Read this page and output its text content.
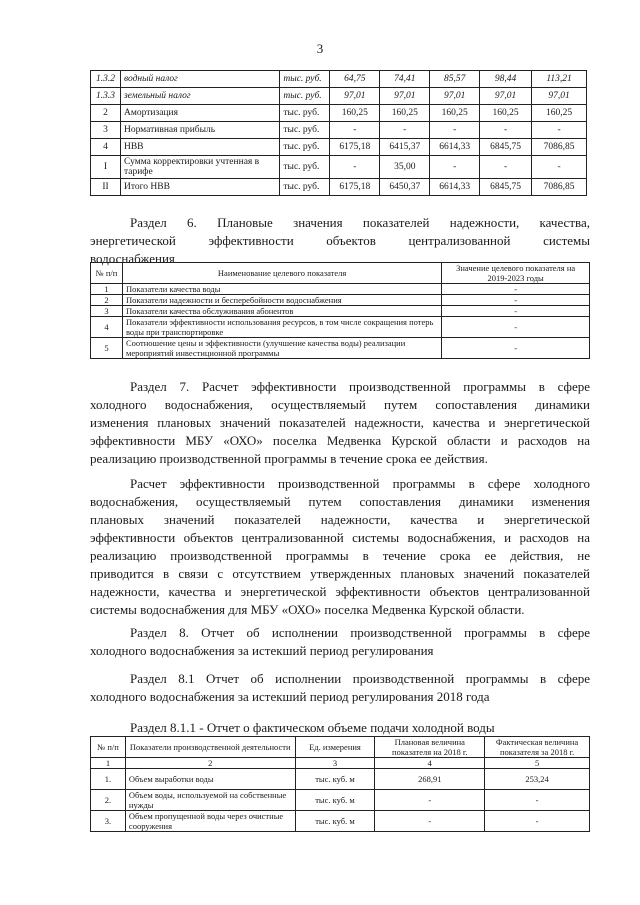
3
1.3.2	водный налог	тыс. руб.	64,75	74,41	85,57	98,44	113,21
1.3.3	земельный налог	тыс. руб.	97,01	97,01	97,01	97,01	97,01
2	Амортизация	тыс. руб.	160,25	160,25	160,25	160,25	160,25
3	Нормативная прибыль	тыс. руб.	-	-	-	-	-
4	НВВ	тыс. руб.	6175,18	6415,37	6614,33	6845,75	7086,85
I	Сумма корректировки учтенная в тарифе	тыс. руб.	-	35,00	-	-	-
II	Итого НВВ	тыс. руб.	6175,18	6450,37	6614,33	6845,75	7086,85
Раздел 6. Плановые значения показателей надежности, качества,
энергетической эффективности объектов централизованной системы
водоснабжения
№ п/п	Наименование целевого показателя	Значение целевого показателя на 2019-2023 годы
1	Показатели качества воды	-
2	Показатели надежности и бесперебойности водоснабжения	-
3	Показатели качества обслуживания абонентов	-
4	Показатели эффективности использования ресурсов, в том числе сокращения потерь воды при транспортировке	-
5	Соотношение цены и эффективности (улучшение качества воды) реализации мероприятий инвестиционной программы	-
Раздел 7. Расчет эффективности производственной программы в сфере
холодного водоснабжения, осуществляемый путем сопоставления динамики
изменения плановых значений показателей надежности, качества и энергетической
эффективности МБУ «ОХО» поселка Медвенка Курской области и расходов на
реализацию производственной программы в течение срока ее действия.
Расчет эффективности производственной программы в сфере холодного
водоснабжения, осуществляемый путем сопоставления динамики изменения
плановых значений показателей надежности, качества и энергетической
эффективности объектов централизованной системы водоснабжения, и расходов на
реализацию производственной программы в течение срока ее действия, не
приводится в связи с отсутствием утвержденных плановых значений показателей
надежности, качества и энергетической эффективности объектов централизованной
системы водоснабжения для МБУ «ОХО» поселка Медвенка Курской области.
Раздел 8. Отчет об исполнении производственной программы в сфере
холодного водоснабжения за истекший период регулирования
Раздел 8.1 Отчет об исполнении производственной программы в сфере
холодного водоснабжения за истекший период регулирования 2018 года
Раздел 8.1.1 - Отчет о фактическом объеме подачи холодной воды
№ п/п	Показатели производственной деятельности	Ед. измерения	Плановая величина показателя на 2018 г.	Фактическая величина показателя за 2018 г.
1	2	3	4	5
1.	Объем выработки воды	тыс. куб. м	268,91	253,24
2.	Объем воды, используемой на собственные нужды	тыс. куб. м	-	-
3.	Объем пропущенной воды через очистные сооружения	тыс. куб. м	-	-
